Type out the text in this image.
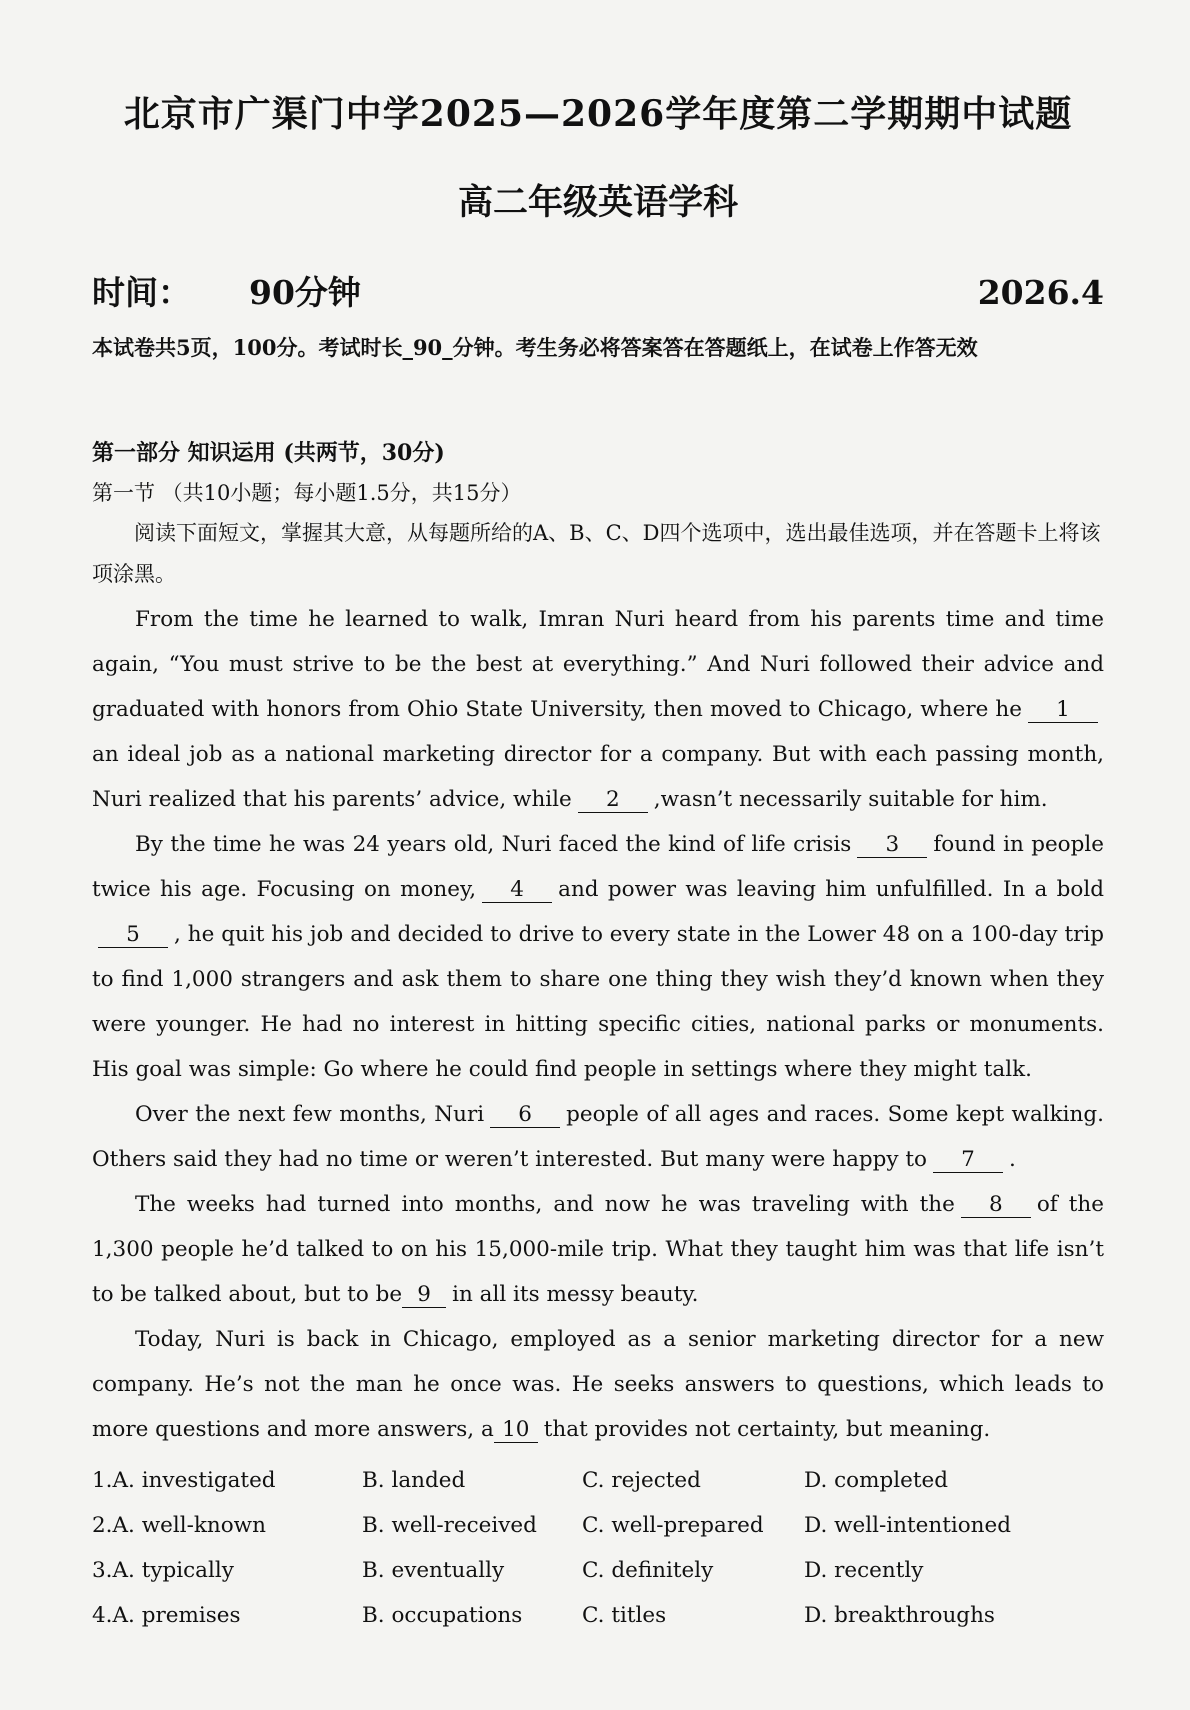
北京市广渠门中学2025—2026学年度第二学期期中试题
高二年级英语学科
时间： 90分钟	2026.4
本试卷共5页，100分。考试时长_90_分钟。考生务必将答案答在答题纸上，在试卷上作答无效
第一部分 知识运用 (共两节，30分)
第一节 （共10小题；每小题1.5分，共15分）
阅读下面短文，掌握其大意，从每题所给的A、B、C、D四个选项中，选出最佳选项，并在答题卡上将该项涂黑。

From the time he learned to walk, Imran Nuri heard from his parents time and time again, “You must strive to be the best at everything.” And Nuri followed their advice and graduated with honors from Ohio State University, then moved to Chicago, where he 1an ideal job as a national marketing director for a company. But with each passing month, Nuri realized that his parents’ advice, while 2 ,wasn’t necessarily suitable for him.

By the time he was 24 years old, Nuri faced the kind of life crisis 3 found in people twice his age. Focusing on money, 4 and power was leaving him unfulfilled. In a bold5 , he quit his job and decided to drive to every state in the Lower 48 on a 100-day trip to find 1,000 strangers and ask them to share one thing they wish they’d known when they were younger. He had no interest in hitting specific cities, national parks or monuments. His goal was simple: Go where he could find people in settings where they might talk.

Over the next few months, Nuri 6 people of all ages and races. Some kept walking. Others said they had no time or weren’t interested. But many were happy to 7 .

The weeks had turned into months, and now he was traveling with the 8 of the 1,300 people he’d talked to on his 15,000-mile trip. What they taught him was that life isn’t to be talked about, but to be 9 in all its messy beauty.

Today, Nuri is back in Chicago, employed as a senior marketing director for a new company. He’s not the man he once was. He seeks answers to questions, which leads to more questions and more answers, a 10 that provides not certainty, but meaning.

1.A. investigated	B. landed	C. rejected	D. completed
2.A. well-known	B. well-received	C. well-prepared	D. well-intentioned
3.A. typically	B. eventually	C. definitely	D. recently
4.A. premises	B. occupations	C. titles	D. breakthroughs
